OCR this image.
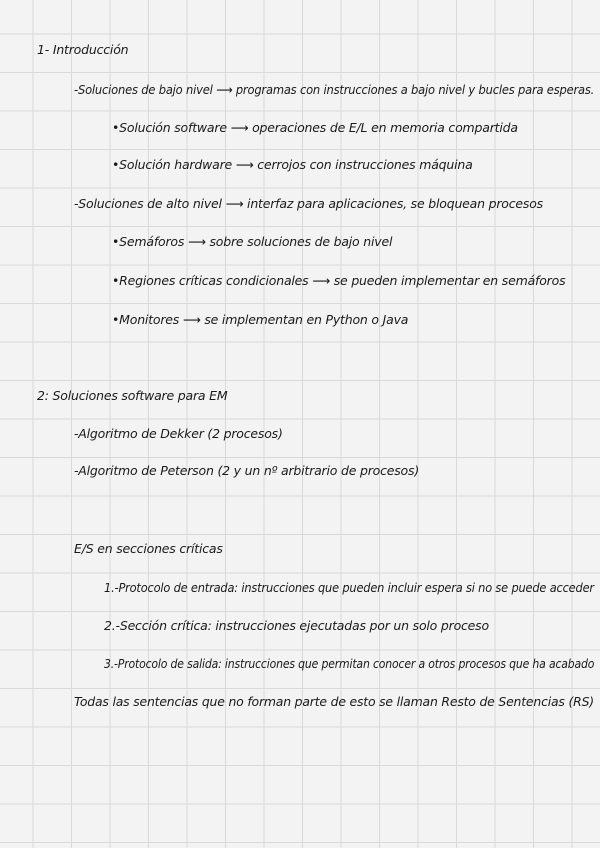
1- Introducción
-Soluciones de bajo nivel ⟶ programas con instrucciones a bajo nivel y bucles para esperas.
•Solución software ⟶ operaciones de E/L en memoria compartida
•Solución hardware ⟶ cerrojos con instrucciones máquina
-Soluciones de alto nivel ⟶ interfaz para aplicaciones, se bloquean procesos
•Semáforos ⟶ sobre soluciones de bajo nivel
•Regiones críticas condicionales ⟶ se pueden implementar en semáforos
•Monitores ⟶ se implementan en Python o Java
2: Soluciones software para EM
-Algoritmo de Dekker (2 procesos)
-Algoritmo de Peterson (2 y un nº arbitrario de procesos)
E/S en secciones críticas
1.-Protocolo de entrada: instrucciones que pueden incluir espera si no se puede acceder
2.-Sección crítica: instrucciones ejecutadas por un solo proceso
3.-Protocolo de salida: instrucciones que permitan conocer a otros procesos que ha acabado
Todas las sentencias que no forman parte de esto se llaman Resto de Sentencias (RS)
